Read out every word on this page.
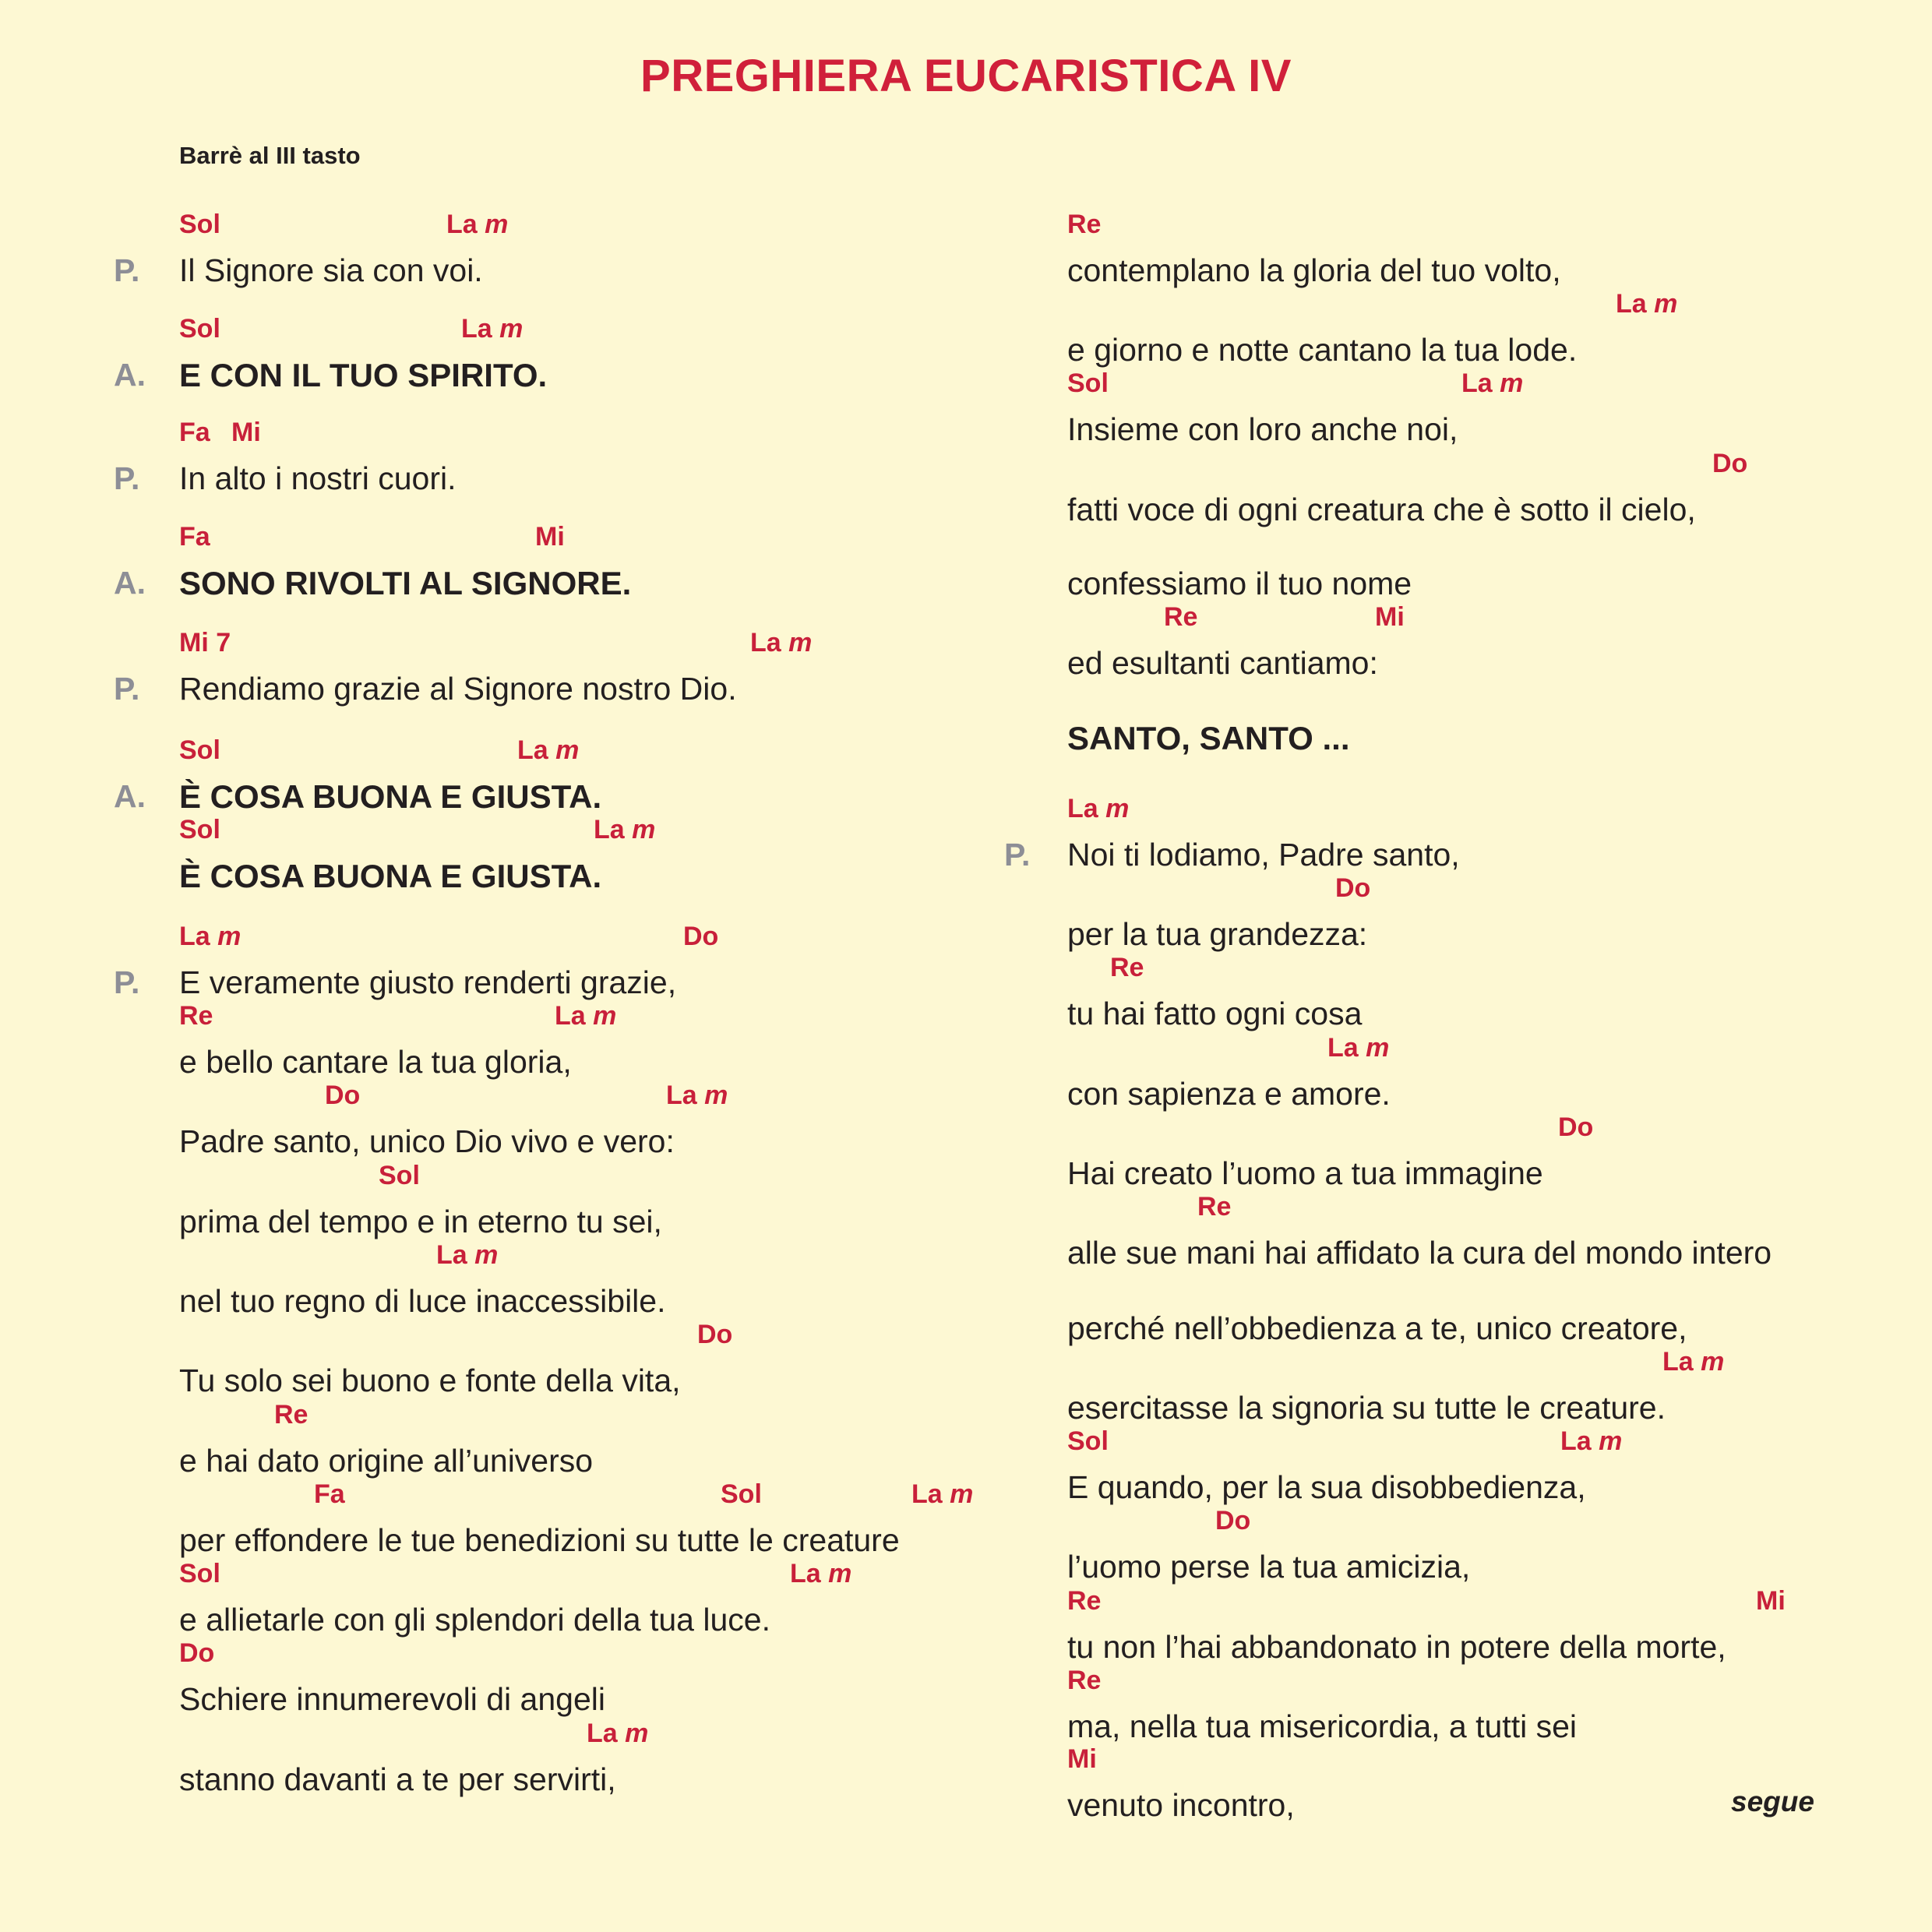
PREGHIERA EUCARISTICA IV
Barrè al III tasto
Sol	La m
P. Il Signore sia con voi.
Sol	La m
A. E CON IL TUO SPIRITO.
Fa Mi
P. In alto i nostri cuori.
Fa	Mi
A. SONO RIVOLTI AL SIGNORE.
Mi 7	La m
P. Rendiamo grazie al Signore nostro Dio.
Sol	La m
A. È COSA BUONA E GIUSTA.
Sol	La m
È COSA BUONA E GIUSTA.
La m	Do
P. E veramente giusto renderti grazie,
Re	La m
e bello cantare la tua gloria,
Do	La m
Padre santo, unico Dio vivo e vero:
Sol
prima del tempo e in eterno tu sei,
La m
nel tuo regno di luce inaccessibile.
Do
Tu solo sei buono e fonte della vita,
Re
e hai dato origine all’universo
Fa	Sol	La m
per effondere le tue benedizioni su tutte le creature
Sol	La m
e allietarle con gli splendori della tua luce.
Do
Schiere innumerevoli di angeli
La m
stanno davanti a te per servirti,
Re
contemplano la gloria del tuo volto,
La m
e giorno e notte cantano la tua lode.
Sol	La m
Insieme con loro anche noi,
Do
fatti voce di ogni creatura che è sotto il cielo,
confessiamo il tuo nome
Re	Mi
ed esultanti cantiamo:
SANTO, SANTO ...
La m
P. Noi ti lodiamo, Padre santo,
Do
per la tua grandezza:
Re
tu hai fatto ogni cosa
La m
con sapienza e amore.
Do
Hai creato l’uomo a tua immagine
Re
alle sue mani hai affidato la cura del mondo intero
perché nell’obbedienza a te, unico creatore,
La m
esercitasse la signoria su tutte le creature.
Sol	La m
E quando, per la sua disobbedienza,
Do
l’uomo perse la tua amicizia,
Re	Mi
tu non l’hai abbandonato in potere della morte,
Re
ma, nella tua misericordia, a tutti sei
Mi
venuto incontro,	segue
